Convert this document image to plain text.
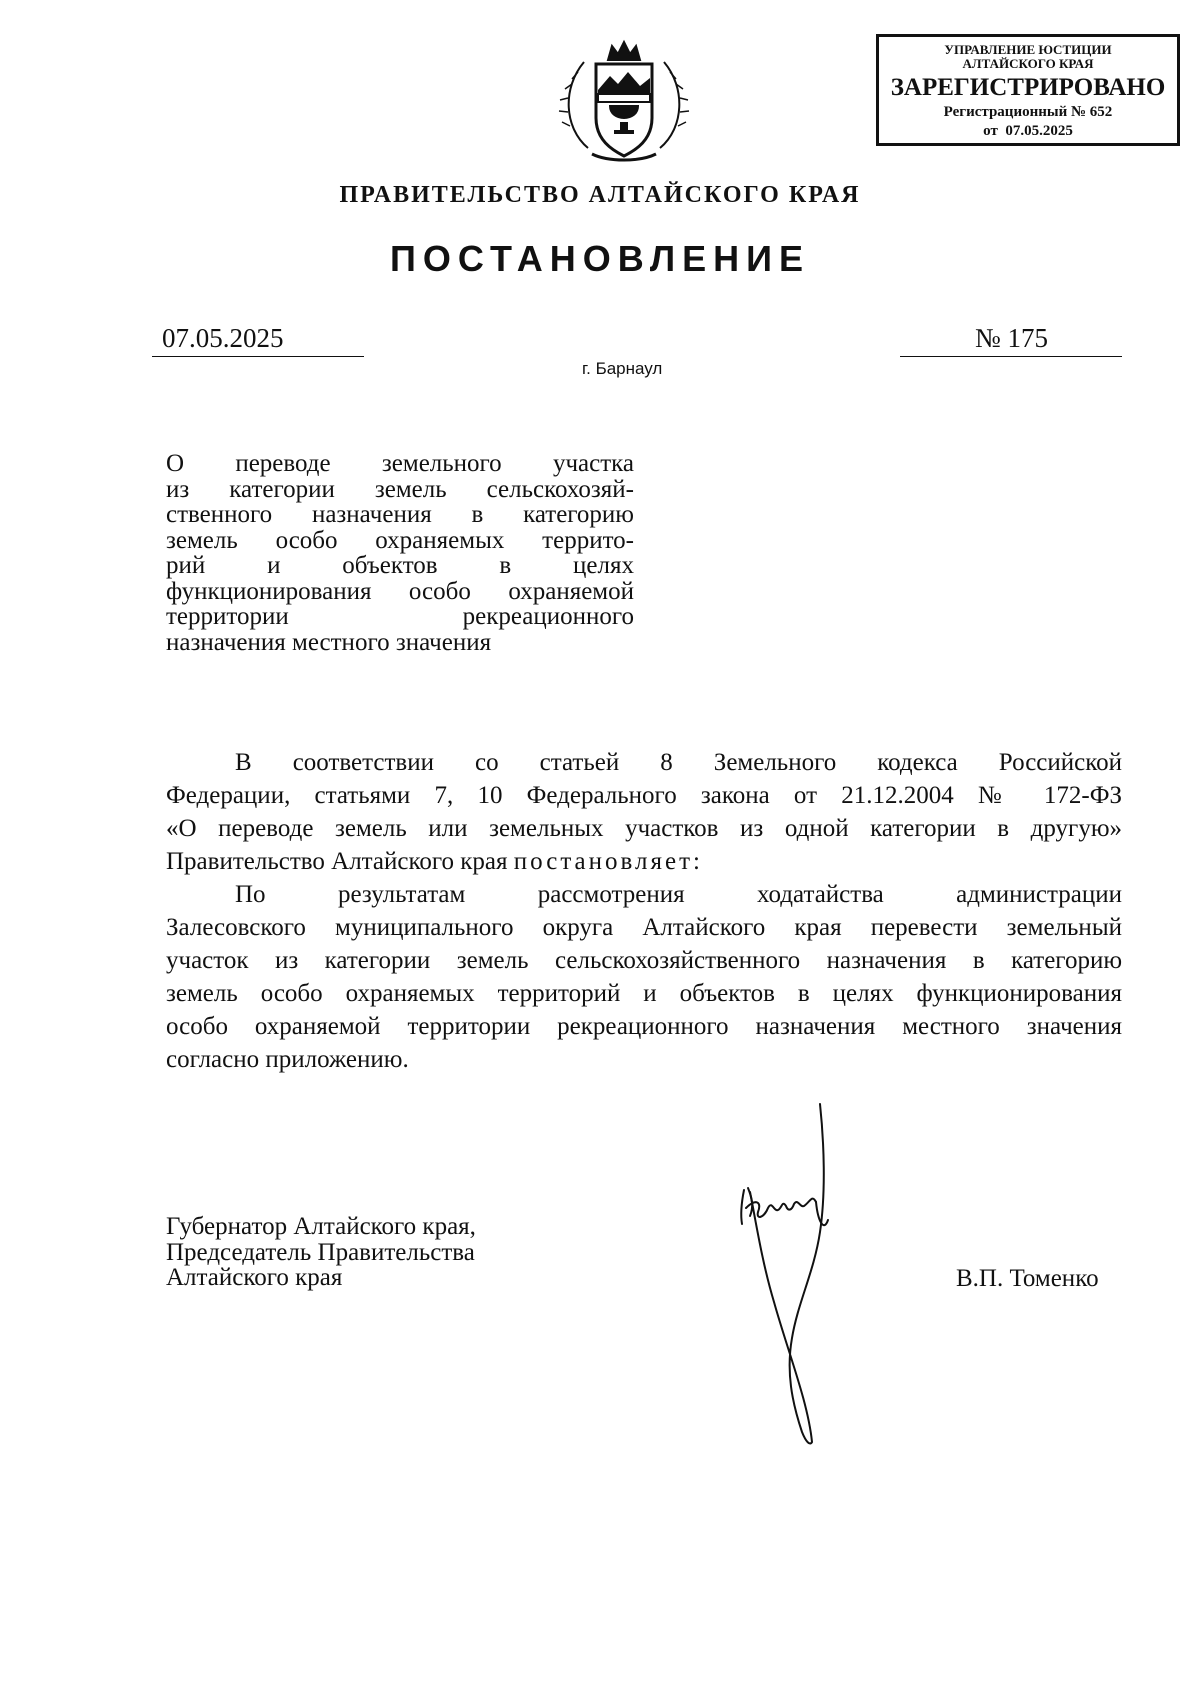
УПРАВЛЕНИЕ ЮСТИЦИИ
АЛТАЙСКОГО КРАЯ
ЗАРЕГИСТРИРОВАНО
Регистрационный № 652
от  07.05.2025
ПРАВИТЕЛЬСТВО АЛТАЙСКОГО КРАЯ
ПОСТАНОВЛЕНИЕ
07.05.2025	№ 175
г. Барнаул
О переводе земельного участка
из категории земель сельскохозяй-
ственного назначения в категорию
земель особо охраняемых террито-
рий и объектов в целях
функционирования особо охраняемой
территории рекреационного
назначения местного значения
В соответствии со статьей 8 Земельного кодекса Российской
Федерации, статьями 7, 10 Федерального закона от 21.12.2004 № 172-ФЗ
«О переводе земель или земельных участков из одной категории в другую»
Правительство Алтайского края постановляет:
По результатам рассмотрения ходатайства администрации
Залесовского муниципального округа Алтайского края перевести земельный
участок из категории земель сельскохозяйственного назначения в категорию
земель особо охраняемых территорий и объектов в целях функционирования
особо охраняемой территории рекреационного назначения местного значения
согласно приложению.
Губернатор Алтайского края,
Председатель Правительства
Алтайского края	В.П. Томенко
